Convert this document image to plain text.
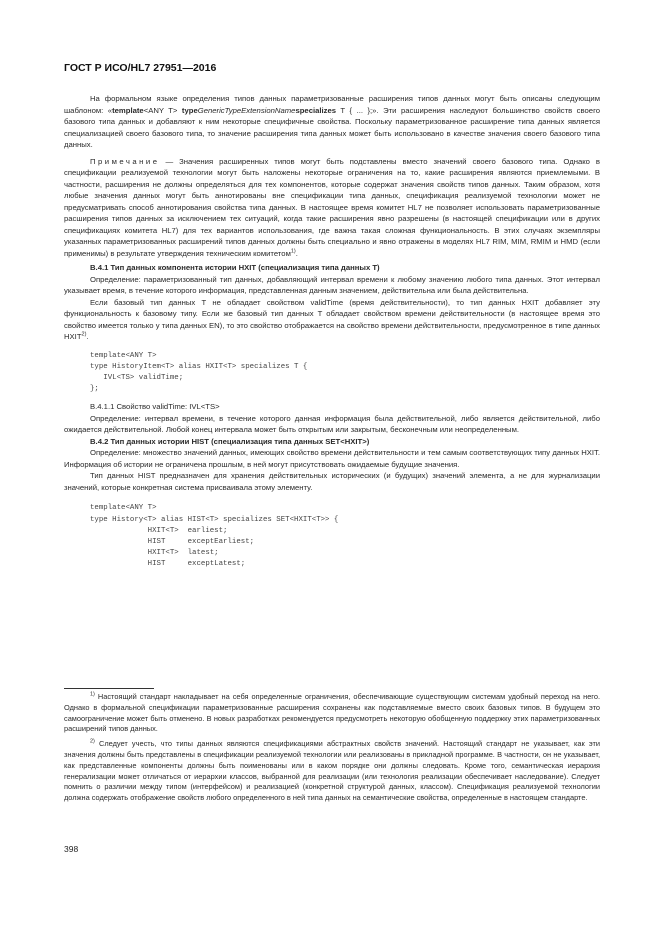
ГОСТ Р ИСО/HL7 27951—2016

На формальном языке определения типов данных параметризованные расширения типов данных могут быть описаны следующим шаблоном: «template<ANY T> typeGenericTypeExtensionNamespecializes T { ... };». Эти расширения наследуют большинство свойств своего базового типа данных и добавляют к ним некоторые специфичные свойства. Поскольку параметризованное расширение типа данных является специализацией своего базового типа, то значение расширения типа данных может быть использовано в качестве значения своего базового типа данных.

Примечание — Значения расширенных типов могут быть подставлены вместо значений своего базового типа. Однако в спецификации реализуемой технологии могут быть наложены некоторые ограничения на то, какие расширения являются приемлемыми. В частности, расширения не должны определяться для тех компонентов, которые содержат значения свойств типов данных. Таким образом, хотя любые значения данных могут быть аннотированы вне спецификации типа данных, спецификация реализуемой технологии может не предусматривать способ аннотирования свойства типа данных. В настоящее время комитет HL7 не позволяет использовать параметризованные расширения типов данных за исключением тех ситуаций, когда такие расширения явно разрешены (в настоящей спецификации или в других спецификациях комитета HL7) для тех вариантов использования, где важна такая сложная функциональность. В этих случаях экземпляры указанных параметризованных расширений типов данных должны быть специально и явно отражены в моделях HL7 RIM, MIM, RMIM и HMD (если применимы) в результате утверждения техническим комитетом$^{1)}$.

B.4.1 Тип данных компонента истории HXIT (специализация типа данных T)

Определение: параметризованный тип данных, добавляющий интервал времени к любому значению любого типа данных. Этот интервал указывает время, в течение которого информация, представленная данным значением, действительна или была действительна.

Если базовый тип данных T не обладает свойством validTime (время действительности), то тип данных HXIT добавляет эту функциональность к базовому типу. Если же базовый тип данных T обладает свойством времени действительности (в настоящее время это свойство имеется только у типа данных EN), то это свойство отображается на свойство времени действительности, предусмотренное в типе данных HXIT$^{2)}$.

template<ANY T>
type HistoryItem<T> alias HXIT<T> specializes T {
IVL<TS> validTime;
};

B.4.1.1 Свойство validTime: IVL<TS>

Определение: интервал времени, в течение которого данная информация была действительной, либо является действительной, либо ожидается действительной. Любой конец интервала может быть открытым или закрытым, бесконечным или неопределенным.

B.4.2 Тип данных истории HIST (специализация типа данных SET<HXIT>)

Определение: множество значений данных, имеющих свойство времени действительности и тем самым соответствующих типу данных HXIT. Информация об истории не ограничена прошлым, в ней могут присутствовать ожидаемые будущие значения.

Тип данных HIST предназначен для хранения действительных исторических (и будущих) значений элемента, а не для журнализации значений, которые конкретная система присваивала этому элементу.

template<ANY T>
type History<T> alias HIST<T> specializes SET<HXIT<T>> {
HXIT<T>  earliest;
HIST     exceptEarliest;
HXIT<T>  latest;
HIST     exceptLatest;

$^{1)}$ Настоящий стандарт накладывает на себя определенные ограничения, обеспечивающие существующим системам удобный переход на него. Однако в формальной спецификации параметризованные расширения сохранены как подставляемые вместо своих базовых типов. В будущем это самоограничение может быть отменено. В новых разработках рекомендуется предусмотреть некоторую обобщенную поддержку этих параметризованных расширений типов данных.

$^{2)}$ Следует учесть, что типы данных являются спецификациями абстрактных свойств значений. Настоящий стандарт не указывает, как эти значения должны быть представлены в спецификации реализуемой технологии или реализованы в прикладной программе. В частности, он не указывает, как представленные компоненты должны быть поименованы или в каком порядке они должны следовать. Кроме того, семантическая иерархия генерализации может отличаться от иерархии классов, выбранной для реализации (или технология реализации обеспечивает наследование). Следует помнить о различии между типом (интерфейсом) и реализацией (конкретной структурой данных, классом). Спецификация реализуемой технологии должна содержать отображение свойств любого определенного в ней типа данных на семантические свойства, определенные в настоящем стандарте.

398
